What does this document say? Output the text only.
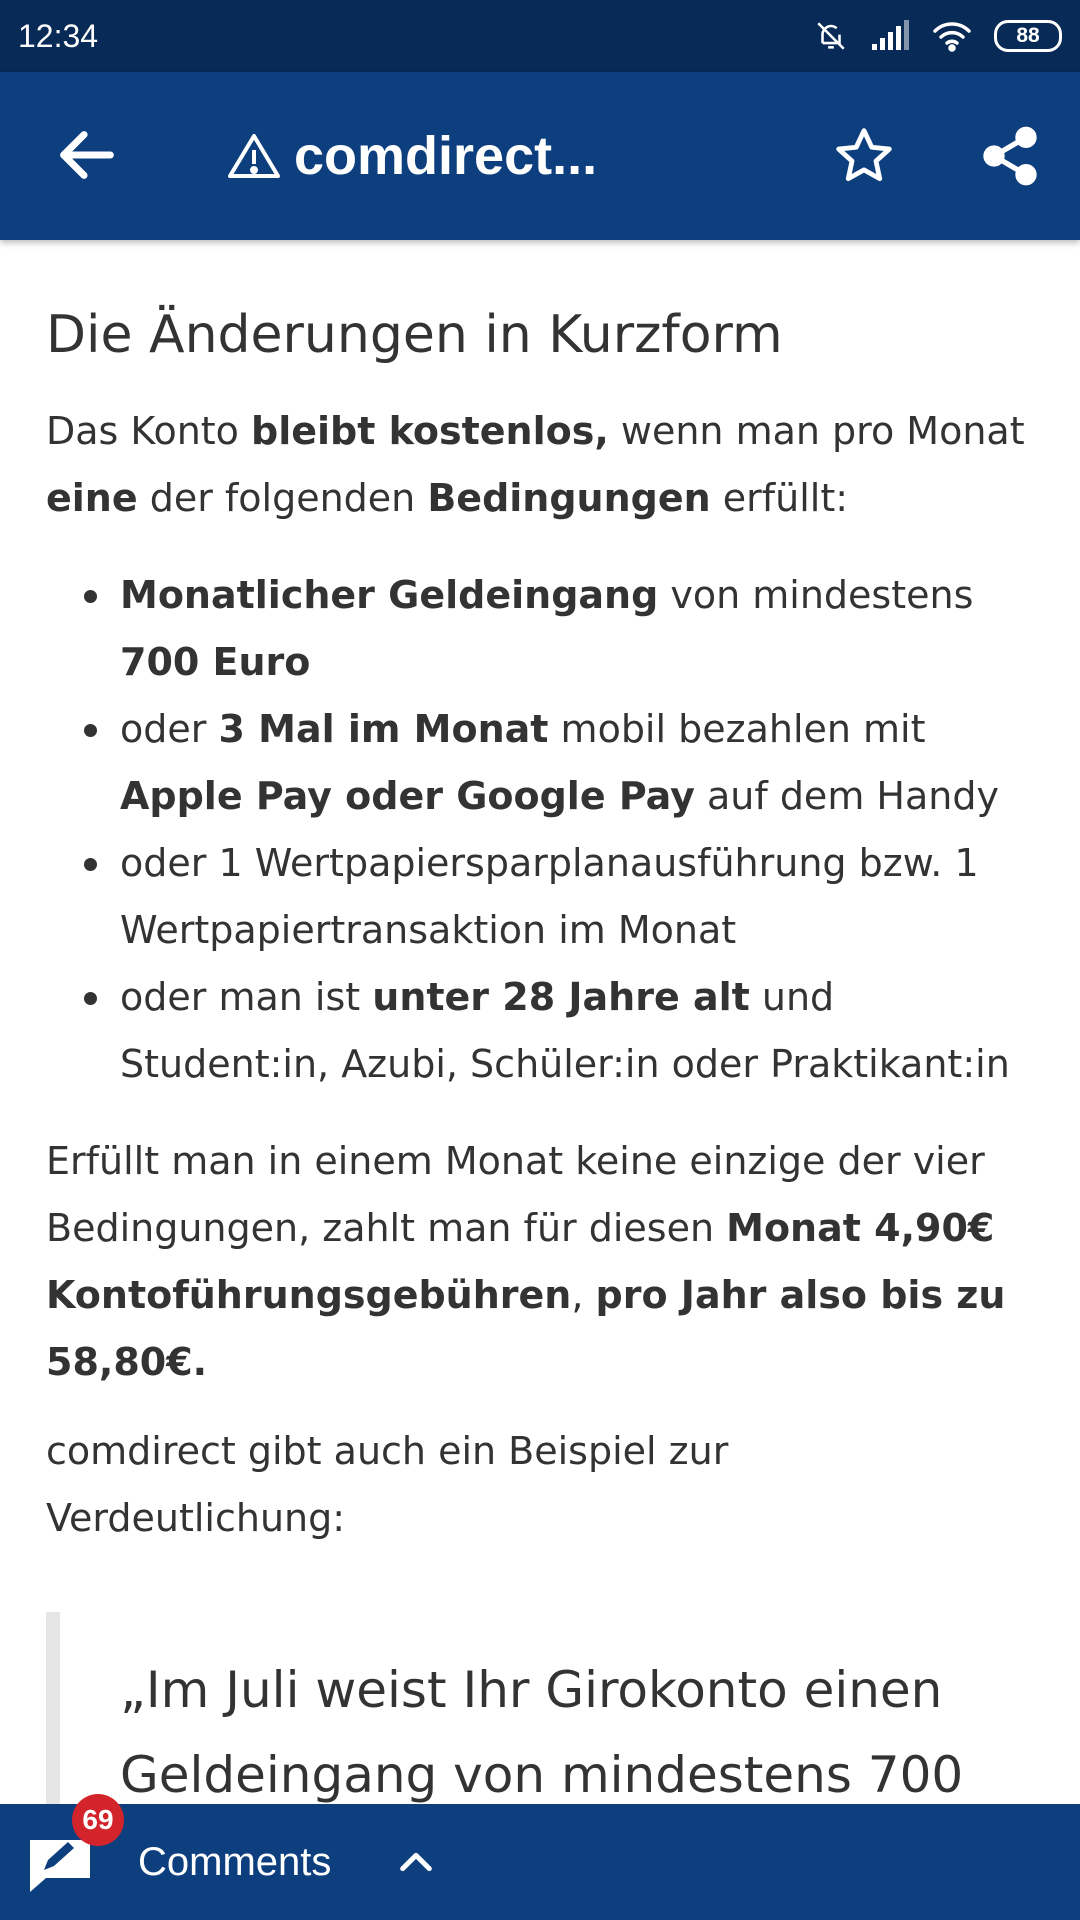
12:34	88
comdirect...
Die Änderungen in Kurzform

Das Konto bleibt kostenlos, wenn man pro Monat eine der folgenden Bedingungen erfüllt:

Monatlicher Geldeingang von mindestens 700 Euro
oder 3 Mal im Monat mobil bezahlen mit Apple Pay oder Google Pay auf dem Handy
oder 1 Wertpapiersparplanausführung bzw. 1 Wertpapiertransaktion im Monat
oder man ist unter 28 Jahre alt und Student:in, Azubi, Schüler:in oder Praktikant:in

Erfüllt man in einem Monat keine einzige der vier Bedingungen, zahlt man für diesen Monat 4,90€ Kontoführungsgebühren, pro Jahr also bis zu 58,80€.

comdirect gibt auch ein Beispiel zur Verdeutlichung:

„Im Juli weist Ihr Girokonto einen Geldeingang von mindestens 700
69
Comments
